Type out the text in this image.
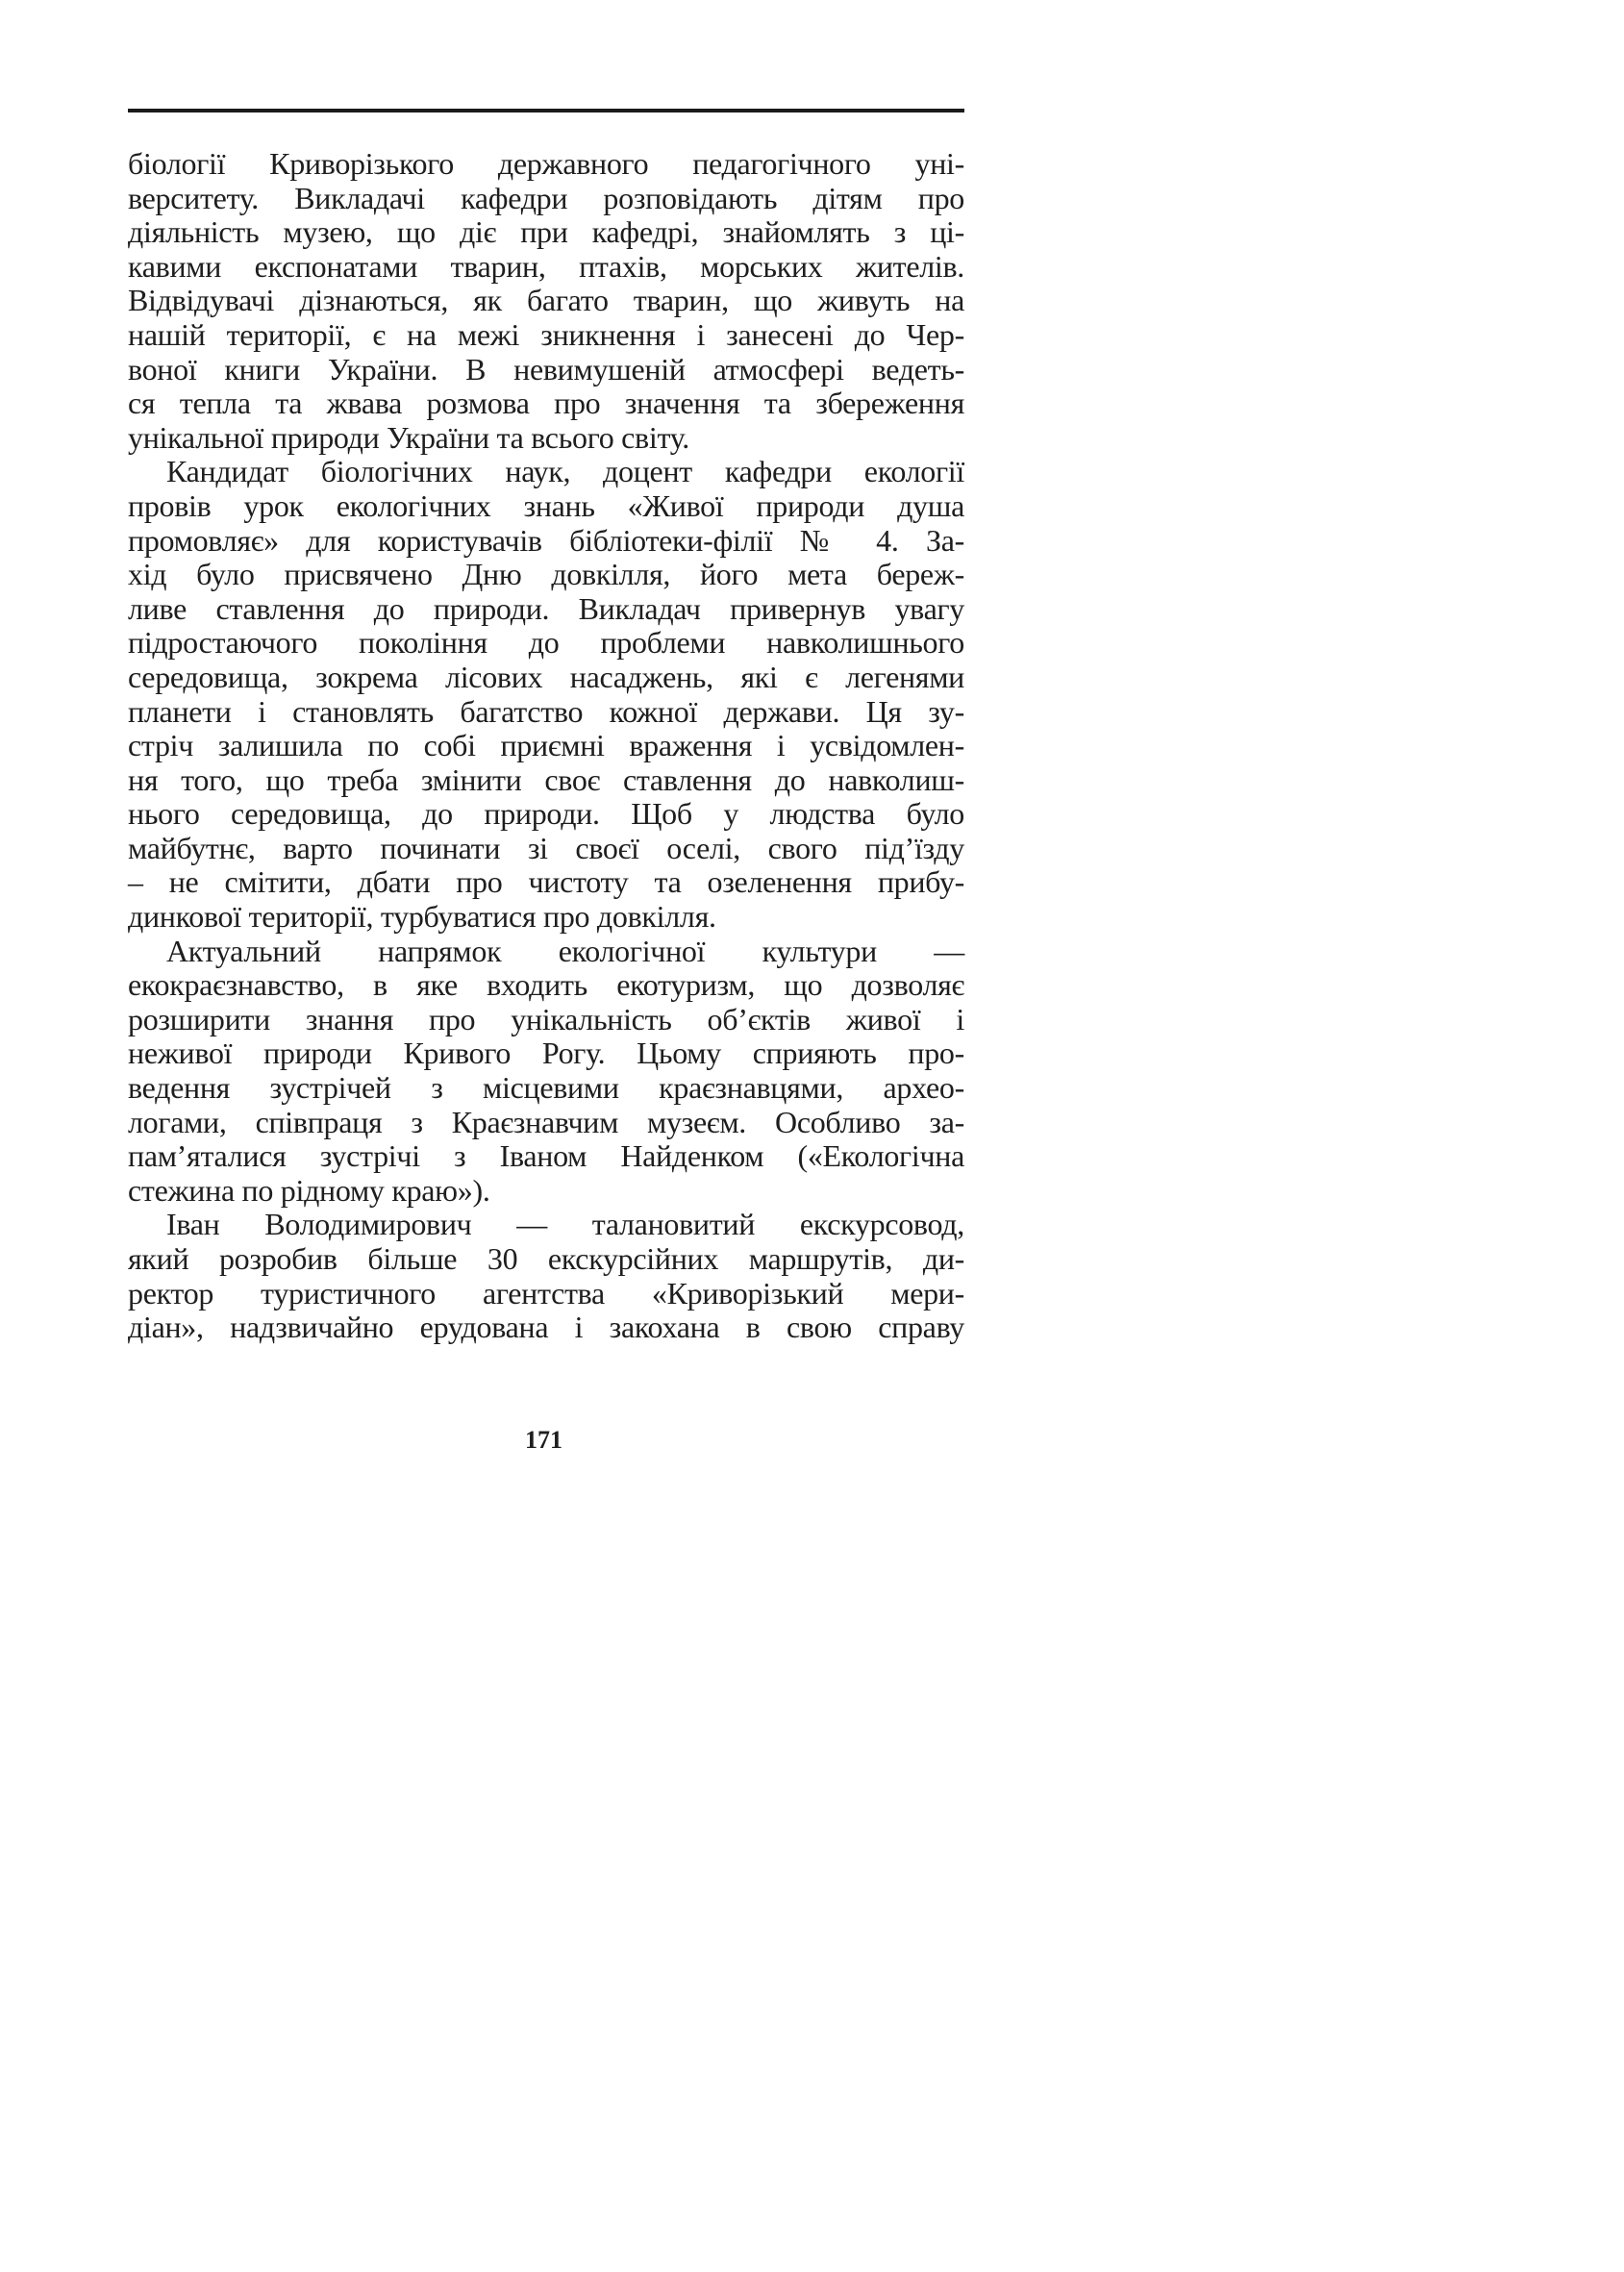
біології Криворізького державного педагогічного уні-
верситету. Викладачі кафедри розповідають дітям про
діяльність музею, що діє при кафедрі, знайомлять з ці-
кавими експонатами тварин, птахів, морських жителів.
Відвідувачі дізнаються, як багато тварин, що живуть на
нашій території, є на межі зникнення і занесені до Чер-
воної книги України. В невимушеній атмосфері ведеть-
ся тепла та жвава розмова про значення та збереження
унікальної природи України та всього світу.
Кандидат біологічних наук, доцент кафедри екології
провів урок екологічних знань «Живої природи душа
промовляє» для користувачів бібліотеки-філії № 4. За-
хід було присвячено Дню довкілля, його мета береж-
ливе ставлення до природи. Викладач привернув увагу
підростаючого покоління до проблеми навколишнього
середовища, зокрема лісових насаджень, які є легенями
планети і становлять багатство кожної держави. Ця зу-
стріч залишила по собі приємні враження і усвідомлен-
ня того, що треба змінити своє ставлення до навколиш-
нього середовища, до природи. Щоб у людства було
майбутнє, варто починати зі своєї оселі, свого під’їзду
– не смітити, дбати про чистоту та озеленення прибу-
динкової території, турбуватися про довкілля.
Актуальний напрямок екологічної культури —
екокраєзнавство, в яке входить екотуризм, що дозволяє
розширити знання про унікальність об’єктів живої і
неживої природи Кривого Рогу. Цьому сприяють про-
ведення зустрічей з місцевими краєзнавцями, архео-
логами, співпраця з Краєзнавчим музеєм. Особливо за-
пам’яталися зустрічі з Іваном Найденком («Екологічна
стежина по рідному краю»).
Іван Володимирович — талановитий екскурсовод,
який розробив більше 30 екскурсійних маршрутів, ди-
ректор туристичного агентства «Криворізький мери-
діан», надзвичайно ерудована і закохана в свою справу
171
